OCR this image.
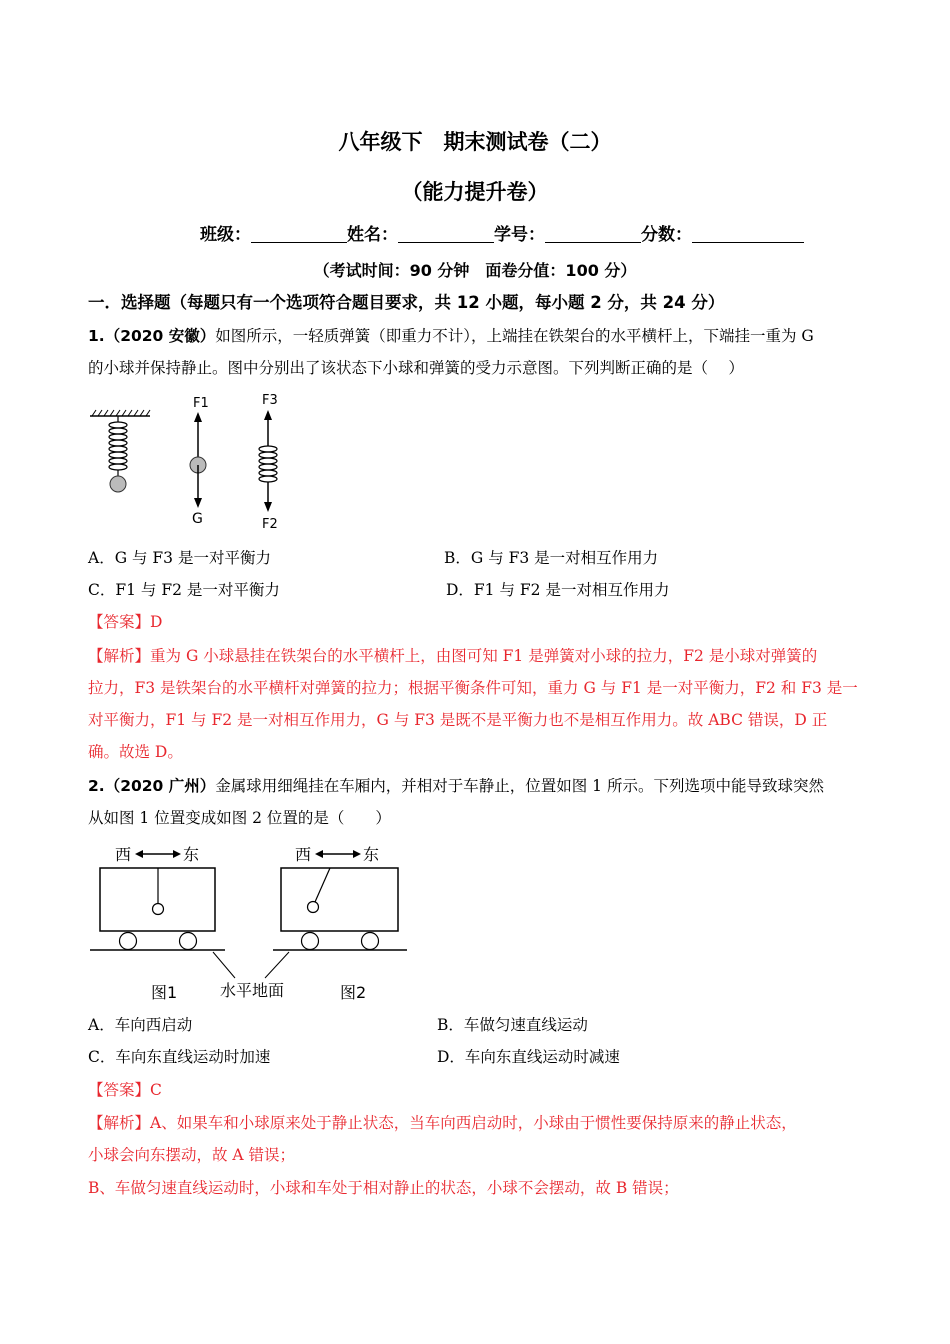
八年级下　期末测试卷（二）
（能力提升卷）
班级：	姓名：	学号：	分数：
（考试时间：90 分钟　面卷分值：100 分）
一．选择题（每题只有一个选项符合题目要求，共 12 小题，每小题 2 分，共 24 分）
1.（2020 安徽）如图所示，一轻质弹簧（即重力不计），上端挂在铁架台的水平横杆上，下端挂一重为 G
的小球并保持静止。图中分别出了该状态下小球和弹簧的受力示意图。下列判断正确的是（　 ）
F1
G
F3
F2
A．G 与 F3 是一对平衡力	B．G 与 F3 是一对相互作用力
C．F1 与 F2 是一对平衡力	D．F1 与 F2 是一对相互作用力
【答案】D
【解析】重为 G 小球悬挂在铁架台的水平横杆上，由图可知 F1 是弹簧对小球的拉力，F2 是小球对弹簧的
拉力，F3 是铁架台的水平横杆对弹簧的拉力；根据平衡条件可知，重力 G 与 F1 是一对平衡力，F2 和 F3 是一
对平衡力，F1 与 F2 是一对相互作用力，G 与 F3 是既不是平衡力也不是相互作用力。故 ABC 错误，D 正
确。故选 D。
2.（2020 广州）金属球用细绳挂在车厢内，并相对于车静止，位置如图 1 所示。下列选项中能导致球突然
从如图 1 位置变成如图 2 位置的是（　　）
西	东
图1
西	东
图2
水平地面
A．车向西启动	B．车做匀速直线运动
C．车向东直线运动时加速	D．车向东直线运动时减速
【答案】C
【解析】A、如果车和小球原来处于静止状态，当车向西启动时，小球由于惯性要保持原来的静止状态，
小球会向东摆动，故 A 错误；
B、车做匀速直线运动时，小球和车处于相对静止的状态，小球不会摆动，故 B 错误；
